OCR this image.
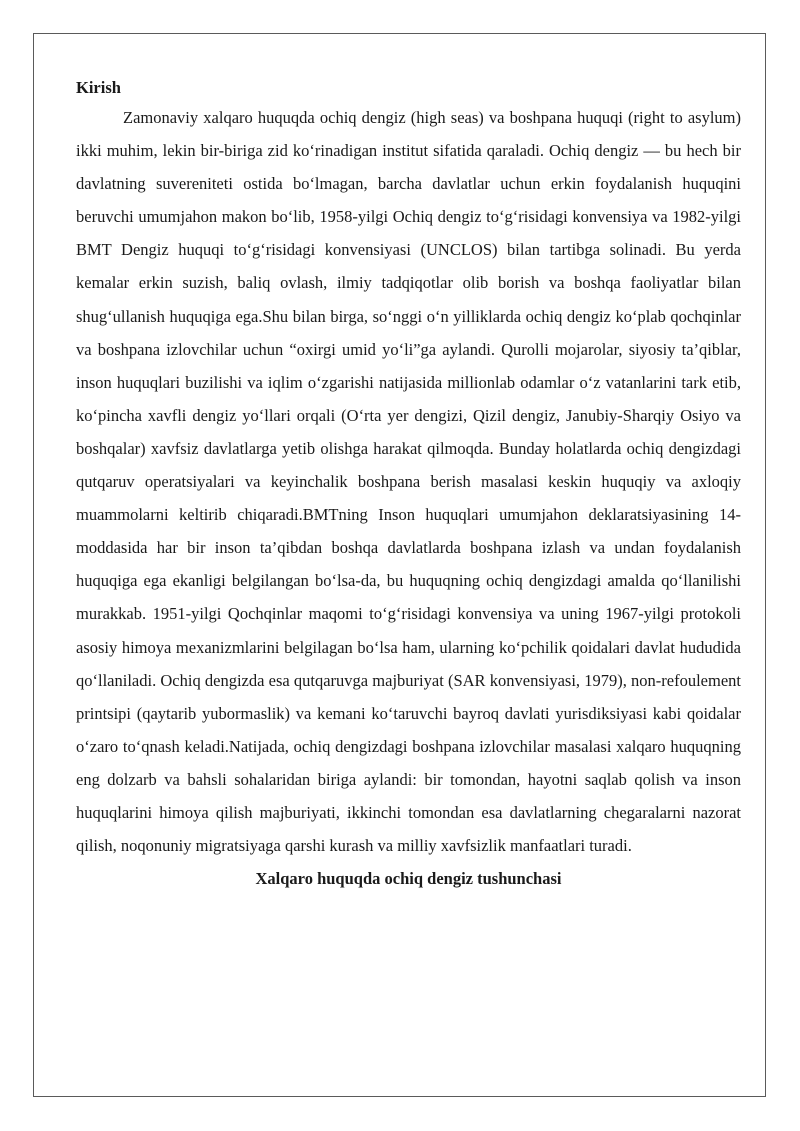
Kirish

Zamonaviy xalqaro huquqda ochiq dengiz (high seas) va boshpana huquqi (right to asylum) ikki muhim, lekin bir-biriga zid ko‘rinadigan institut sifatida qaraladi. Ochiq dengiz — bu hech bir davlatning suvereniteti ostida bo‘lmagan, barcha davlatlar uchun erkin foydalanish huquqini beruvchi umumjahon makon bo‘lib, 1958-yilgi Ochiq dengiz to‘g‘risidagi konvensiya va 1982-yilgi BMT Dengiz huquqi to‘g‘risidagi konvensiyasi (UNCLOS) bilan tartibga solinadi. Bu yerda kemalar erkin suzish, baliq ovlash, ilmiy tadqiqotlar olib borish va boshqa faoliyatlar bilan shug‘ullanish huquqiga ega.Shu bilan birga, so‘nggi o‘n yilliklarda ochiq dengiz ko‘plab qochqinlar va boshpana izlovchilar uchun “oxirgi umid yo‘li”ga aylandi. Qurolli mojarolar, siyosiy ta’qiblar, inson huquqlari buzilishi va iqlim o‘zgarishi natijasida millionlab odamlar o‘z vatanlarini tark etib, ko‘pincha xavfli dengiz yo‘llari orqali (O‘rta yer dengizi, Qizil dengiz, Janubiy-Sharqiy Osiyo va boshqalar) xavfsiz davlatlarga yetib olishga harakat qilmoqda. Bunday holatlarda ochiq dengizdagi qutqaruv operatsiyalari va keyinchalik boshpana berish masalasi keskin huquqiy va axloqiy muammolarni keltirib chiqaradi.BMTning Inson huquqlari umumjahon deklaratsiyasining 14-moddasida har bir inson ta’qibdan boshqa davlatlarda boshpana izlash va undan foydalanish huquqiga ega ekanligi belgilangan bo‘lsa-da, bu huquqning ochiq dengizdagi amalda qo‘llanilishi murakkab. 1951-yilgi Qochqinlar maqomi to‘g‘risidagi konvensiya va uning 1967-yilgi protokoli asosiy himoya mexanizmlarini belgilagan bo‘lsa ham, ularning ko‘pchilik qoidalari davlat hududida qo‘llaniladi. Ochiq dengizda esa qutqaruvga majburiyat (SAR konvensiyasi, 1979), non-refoulement printsipi (qaytarib yubormaslik) va kemani ko‘taruvchi bayroq davlati yurisdiksiyasi kabi qoidalar o‘zaro to‘qnash keladi.Natijada, ochiq dengizdagi boshpana izlovchilar masalasi xalqaro huquqning eng dolzarb va bahsli sohalaridan biriga aylandi: bir tomondan, hayotni saqlab qolish va inson huquqlarini himoya qilish majburiyati, ikkinchi tomondan esa davlatlarning chegaralarni nazorat qilish, noqonuniy migratsiyaga qarshi kurash va milliy xavfsizlik manfaatlari turadi.

Xalqaro huquqda ochiq dengiz tushunchasi
